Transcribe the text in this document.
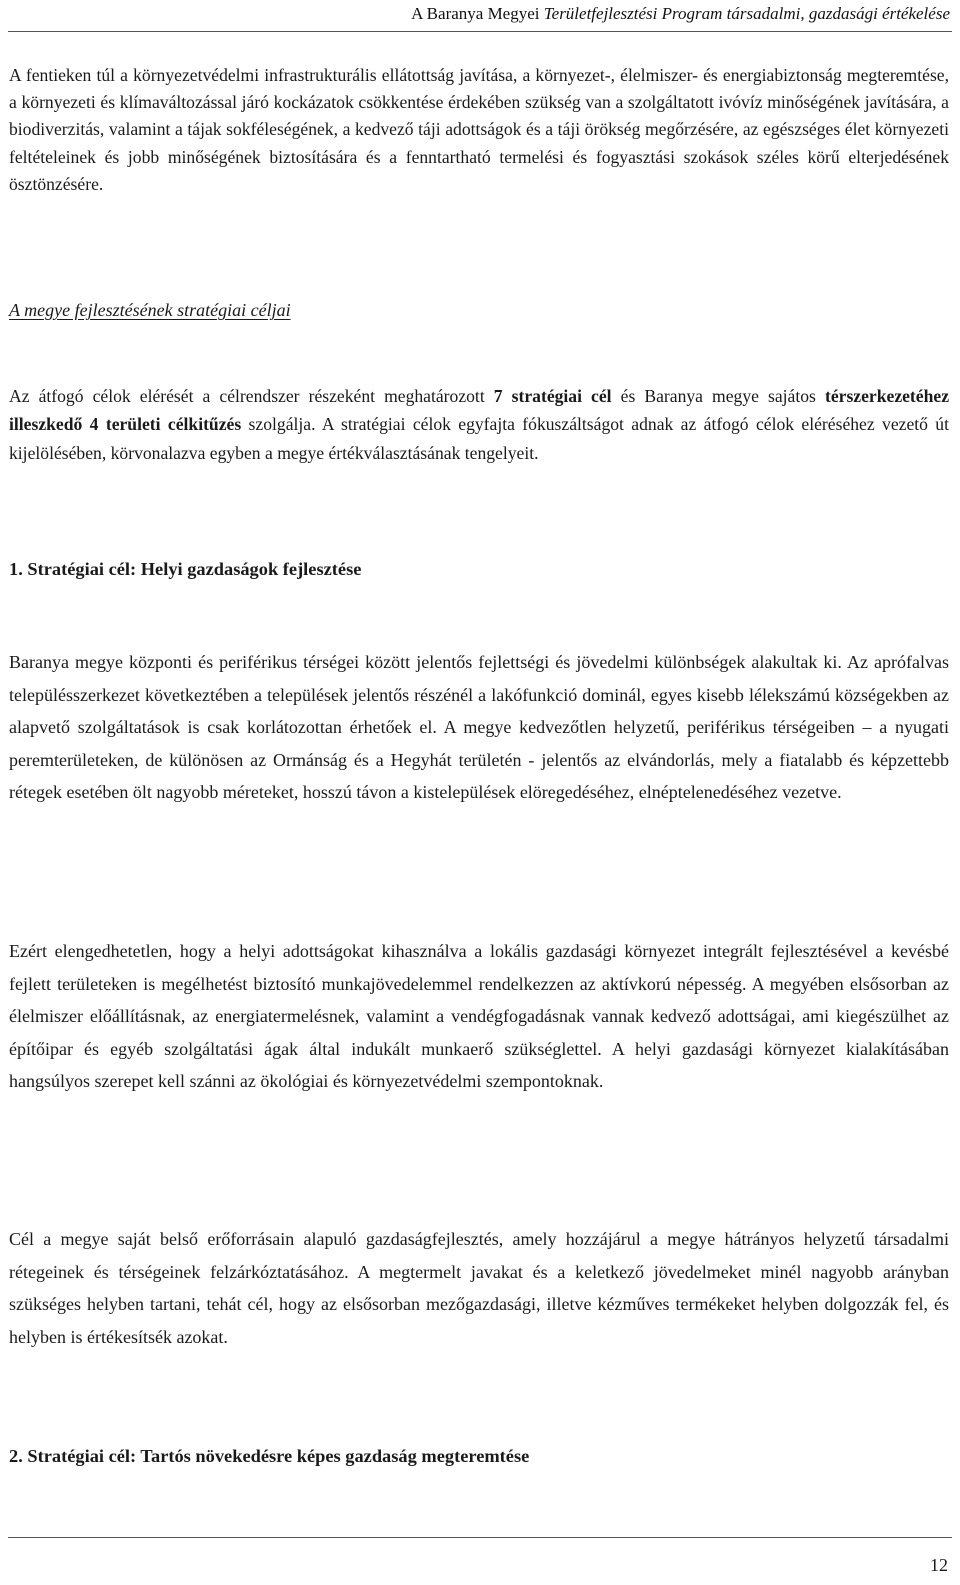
A Baranya Megyei Területfejlesztési Program társadalmi, gazdasági értékelése

A fentieken túl a környezetvédelmi infrastrukturális ellátottság javítása, a környezet-, élelmiszer- és energiabiztonság megteremtése, a környezeti és klímaváltozással járó kockázatok csökkentése érdekében szükség van a szolgáltatott ivóvíz minőségének javítására, a biodiverzitás, valamint a tájak sokféleségének, a kedvező táji adottságok és a táji örökség megőrzésére, az egészséges élet környezeti feltételeinek és jobb minőségének biztosítására és a fenntartható termelési és fogyasztási szokások széles körű elterjedésének ösztönzésére.

A megye fejlesztésének stratégiai céljai

Az átfogó célok elérését a célrendszer részeként meghatározott 7 stratégiai cél és Baranya megye sajátos térszerkezetéhez illeszkedő 4 területi célkitűzés szolgálja. A stratégiai célok egyfajta fókuszáltságot adnak az átfogó célok eléréséhez vezető út kijelölésében, körvonalazva egyben a megye értékválasztásának tengelyeit.

1. Stratégiai cél: Helyi gazdaságok fejlesztése

Baranya megye központi és periférikus térségei között jelentős fejlettségi és jövedelmi különbségek alakultak ki. Az aprófalvas településszerkezet következtében a települések jelentős részénél a lakófunkció dominál, egyes kisebb lélekszámú községekben az alapvető szolgáltatások is csak korlátozottan érhetőek el. A megye kedvezőtlen helyzetű, periférikus térségeiben – a nyugati peremterületeken, de különösen az Ormánság és a Hegyhát területén - jelentős az elvándorlás, mely a fiatalabb és képzettebb rétegek esetében ölt nagyobb méreteket, hosszú távon a kistelepülések elöregedéséhez, elnéptelenedéséhez vezetve.

Ezért elengedhetetlen, hogy a helyi adottságokat kihasználva a lokális gazdasági környezet integrált fejlesztésével a kevésbé fejlett területeken is megélhetést biztosító munkajövedelemmel rendelkezzen az aktívkorú népesség. A megyében elsősorban az élelmiszer előállításnak, az energiatermelésnek, valamint a vendégfogadásnak vannak kedvező adottságai, ami kiegészülhet az építőipar és egyéb szolgáltatási ágak által indukált munkaerő szükséglettel. A helyi gazdasági környezet kialakításában hangsúlyos szerepet kell szánni az ökológiai és környezetvédelmi szempontoknak.

Cél a megye saját belső erőforrásain alapuló gazdaságfejlesztés, amely hozzájárul a megye hátrányos helyzetű társadalmi rétegeinek és térségeinek felzárkóztatásához. A megtermelt javakat és a keletkező jövedelmeket minél nagyobb arányban szükséges helyben tartani, tehát cél, hogy az elsősorban mezőgazdasági, illetve kézműves termékeket helyben dolgozzák fel, és helyben is értékesítsék azokat.

2. Stratégiai cél: Tartós növekedésre képes gazdaság megteremtése

12
